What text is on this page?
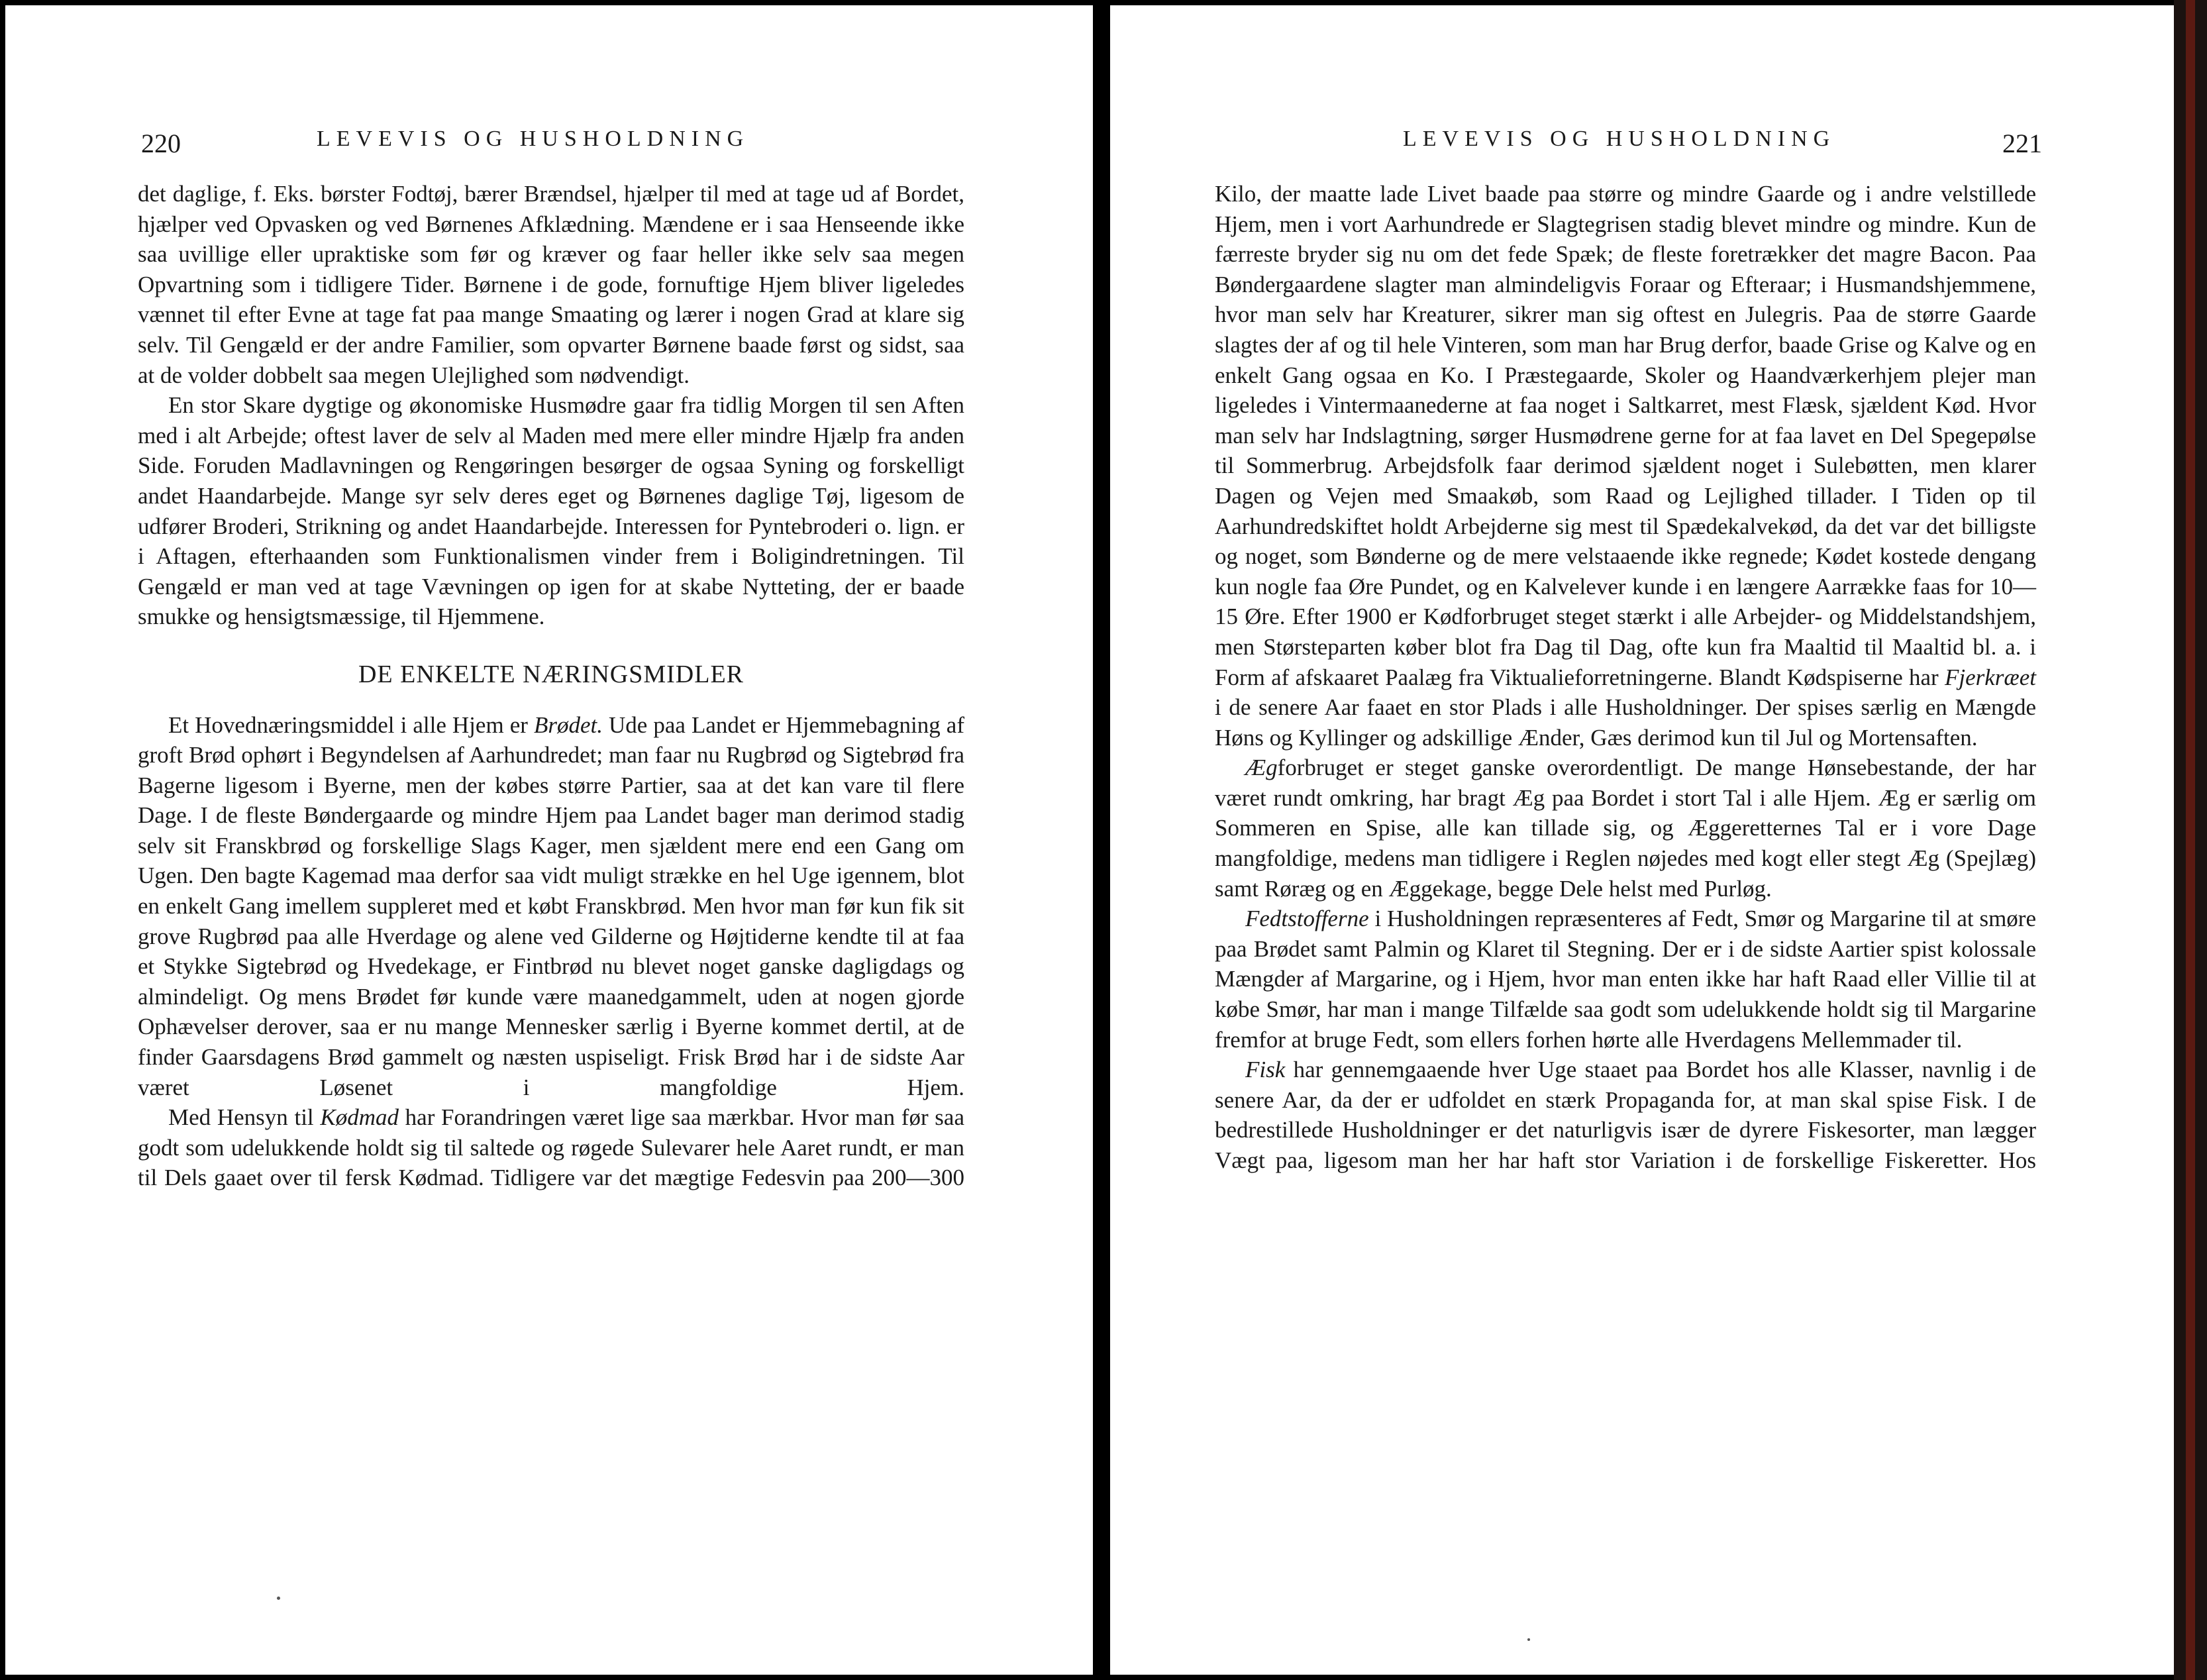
220	LEVEVIS OG HUSHOLDNING

det daglige, f. Eks. børster Fodtøj, bærer Brændsel, hjælper til med at tage ud af Bordet, hjælper ved Opvasken og ved Børnenes Afklædning. Mændene er i saa Henseende ikke saa uvillige eller upraktiske som før og kræver og faar heller ikke selv saa megen Opvartning som i tidligere Tider. Børnene i de gode, fornuftige Hjem bliver ligeledes vænnet til efter Evne at tage fat paa mange Smaating og lærer i nogen Grad at klare sig selv. Til Gengæld er der andre Familier, som opvarter Børnene baade først og sidst, saa at de volder dobbelt saa megen Ulejlighed som nødvendigt.

En stor Skare dygtige og økonomiske Husmødre gaar fra tidlig Morgen til sen Aften med i alt Arbejde; oftest laver de selv al Maden med mere eller mindre Hjælp fra anden Side. Foruden Madlavningen og Rengøringen besørger de ogsaa Syning og forskelligt andet Haandarbejde. Mange syr selv deres eget og Børnenes daglige Tøj, ligesom de udfører Broderi, Strikning og andet Haandarbejde. Interessen for Pyntebroderi o. lign. er i Aftagen, efterhaanden som Funktionalismen vinder frem i Boligindretningen. Til Gengæld er man ved at tage Vævningen op igen for at skabe Nytteting, der er baade smukke og hensigtsmæssige, til Hjemmene.

DE ENKELTE NÆRINGSMIDLER

Et Hovednæringsmiddel i alle Hjem er Brødet. Ude paa Landet er Hjemmebagning af groft Brød ophørt i Begyndelsen af Aarhundredet; man faar nu Rugbrød og Sigtebrød fra Bagerne ligesom i Byerne, men der købes større Partier, saa at det kan vare til flere Dage. I de fleste Bøndergaarde og mindre Hjem paa Landet bager man derimod stadig selv sit Franskbrød og forskellige Slags Kager, men sjældent mere end een Gang om Ugen. Den bagte Kagemad maa derfor saa vidt muligt strække en hel Uge igennem, blot en enkelt Gang imellem suppleret med et købt Franskbrød. Men hvor man før kun fik sit grove Rugbrød paa alle Hverdage og alene ved Gilderne og Højtiderne kendte til at faa et Stykke Sigtebrød og Hvedekage, er Fintbrød nu blevet noget ganske dagligdags og almindeligt. Og mens Brødet før kunde være maanedgammelt, uden at nogen gjorde Ophævelser derover, saa er nu mange Mennesker særlig i Byerne kommet dertil, at de finder Gaarsdagens Brød gammelt og næsten uspiseligt. Frisk Brød har i de sidste Aar været Løsenet i mangfoldige Hjem.

Med Hensyn til Kødmad har Forandringen været lige saa mærkbar. Hvor man før saa godt som udelukkende holdt sig til saltede og røgede Sulevarer hele Aaret rundt, er man til Dels gaaet over til fersk Kødmad. Tidligere var det mægtige Fedesvin paa 200—300

LEVEVIS OG HUSHOLDNING	221

Kilo, der maatte lade Livet baade paa større og mindre Gaarde og i andre velstillede Hjem, men i vort Aarhundrede er Slagtegrisen stadig blevet mindre og mindre. Kun de færreste bryder sig nu om det fede Spæk; de fleste foretrækker det magre Bacon. Paa Bøndergaardene slagter man almindeligvis Foraar og Efteraar; i Husmandshjemmene, hvor man selv har Kreaturer, sikrer man sig oftest en Julegris. Paa de større Gaarde slagtes der af og til hele Vinteren, som man har Brug derfor, baade Grise og Kalve og en enkelt Gang ogsaa en Ko. I Præstegaarde, Skoler og Haandværkerhjem plejer man ligeledes i Vintermaanederne at faa noget i Saltkarret, mest Flæsk, sjældent Kød. Hvor man selv har Indslagtning, sørger Husmødrene gerne for at faa lavet en Del Spegepølse til Sommerbrug. Arbejdsfolk faar derimod sjældent noget i Sulebøtten, men klarer Dagen og Vejen med Smaakøb, som Raad og Lejlighed tillader. I Tiden op til Aarhundredskiftet holdt Arbejderne sig mest til Spædekalvekød, da det var det billigste og noget, som Bønderne og de mere velstaaende ikke regnede; Kødet kostede dengang kun nogle faa Øre Pundet, og en Kalvelever kunde i en længere Aarrække faas for 10—15 Øre. Efter 1900 er Kødforbruget steget stærkt i alle Arbejder- og Middelstandshjem, men Størsteparten køber blot fra Dag til Dag, ofte kun fra Maaltid til Maaltid bl. a. i Form af afskaaret Paalæg fra Viktualieforretningerne. Blandt Kødspiserne har Fjerkræet i de senere Aar faaet en stor Plads i alle Husholdninger. Der spises særlig en Mængde Høns og Kyllinger og adskillige Ænder, Gæs derimod kun til Jul og Mortensaften.

Ægforbruget er steget ganske overordentligt. De mange Hønsebestande, der har været rundt omkring, har bragt Æg paa Bordet i stort Tal i alle Hjem. Æg er særlig om Sommeren en Spise, alle kan tillade sig, og Æggeretternes Tal er i vore Dage mangfoldige, medens man tidligere i Reglen nøjedes med kogt eller stegt Æg (Spejlæg) samt Røræg og en Æggekage, begge Dele helst med Purløg.

Fedtstofferne i Husholdningen repræsenteres af Fedt, Smør og Margarine til at smøre paa Brødet samt Palmin og Klaret til Stegning. Der er i de sidste Aartier spist kolossale Mængder af Margarine, og i Hjem, hvor man enten ikke har haft Raad eller Villie til at købe Smør, har man i mange Tilfælde saa godt som udelukkende holdt sig til Margarine fremfor at bruge Fedt, som ellers forhen hørte alle Hverdagens Mellemmader til.

Fisk har gennemgaaende hver Uge staaet paa Bordet hos alle Klasser, navnlig i de senere Aar, da der er udfoldet en stærk Propaganda for, at man skal spise Fisk. I de bedrestillede Husholdninger er det naturligvis især de dyrere Fiskesorter, man lægger Vægt paa, ligesom man her har haft stor Variation i de forskellige Fiskeretter. Hos
